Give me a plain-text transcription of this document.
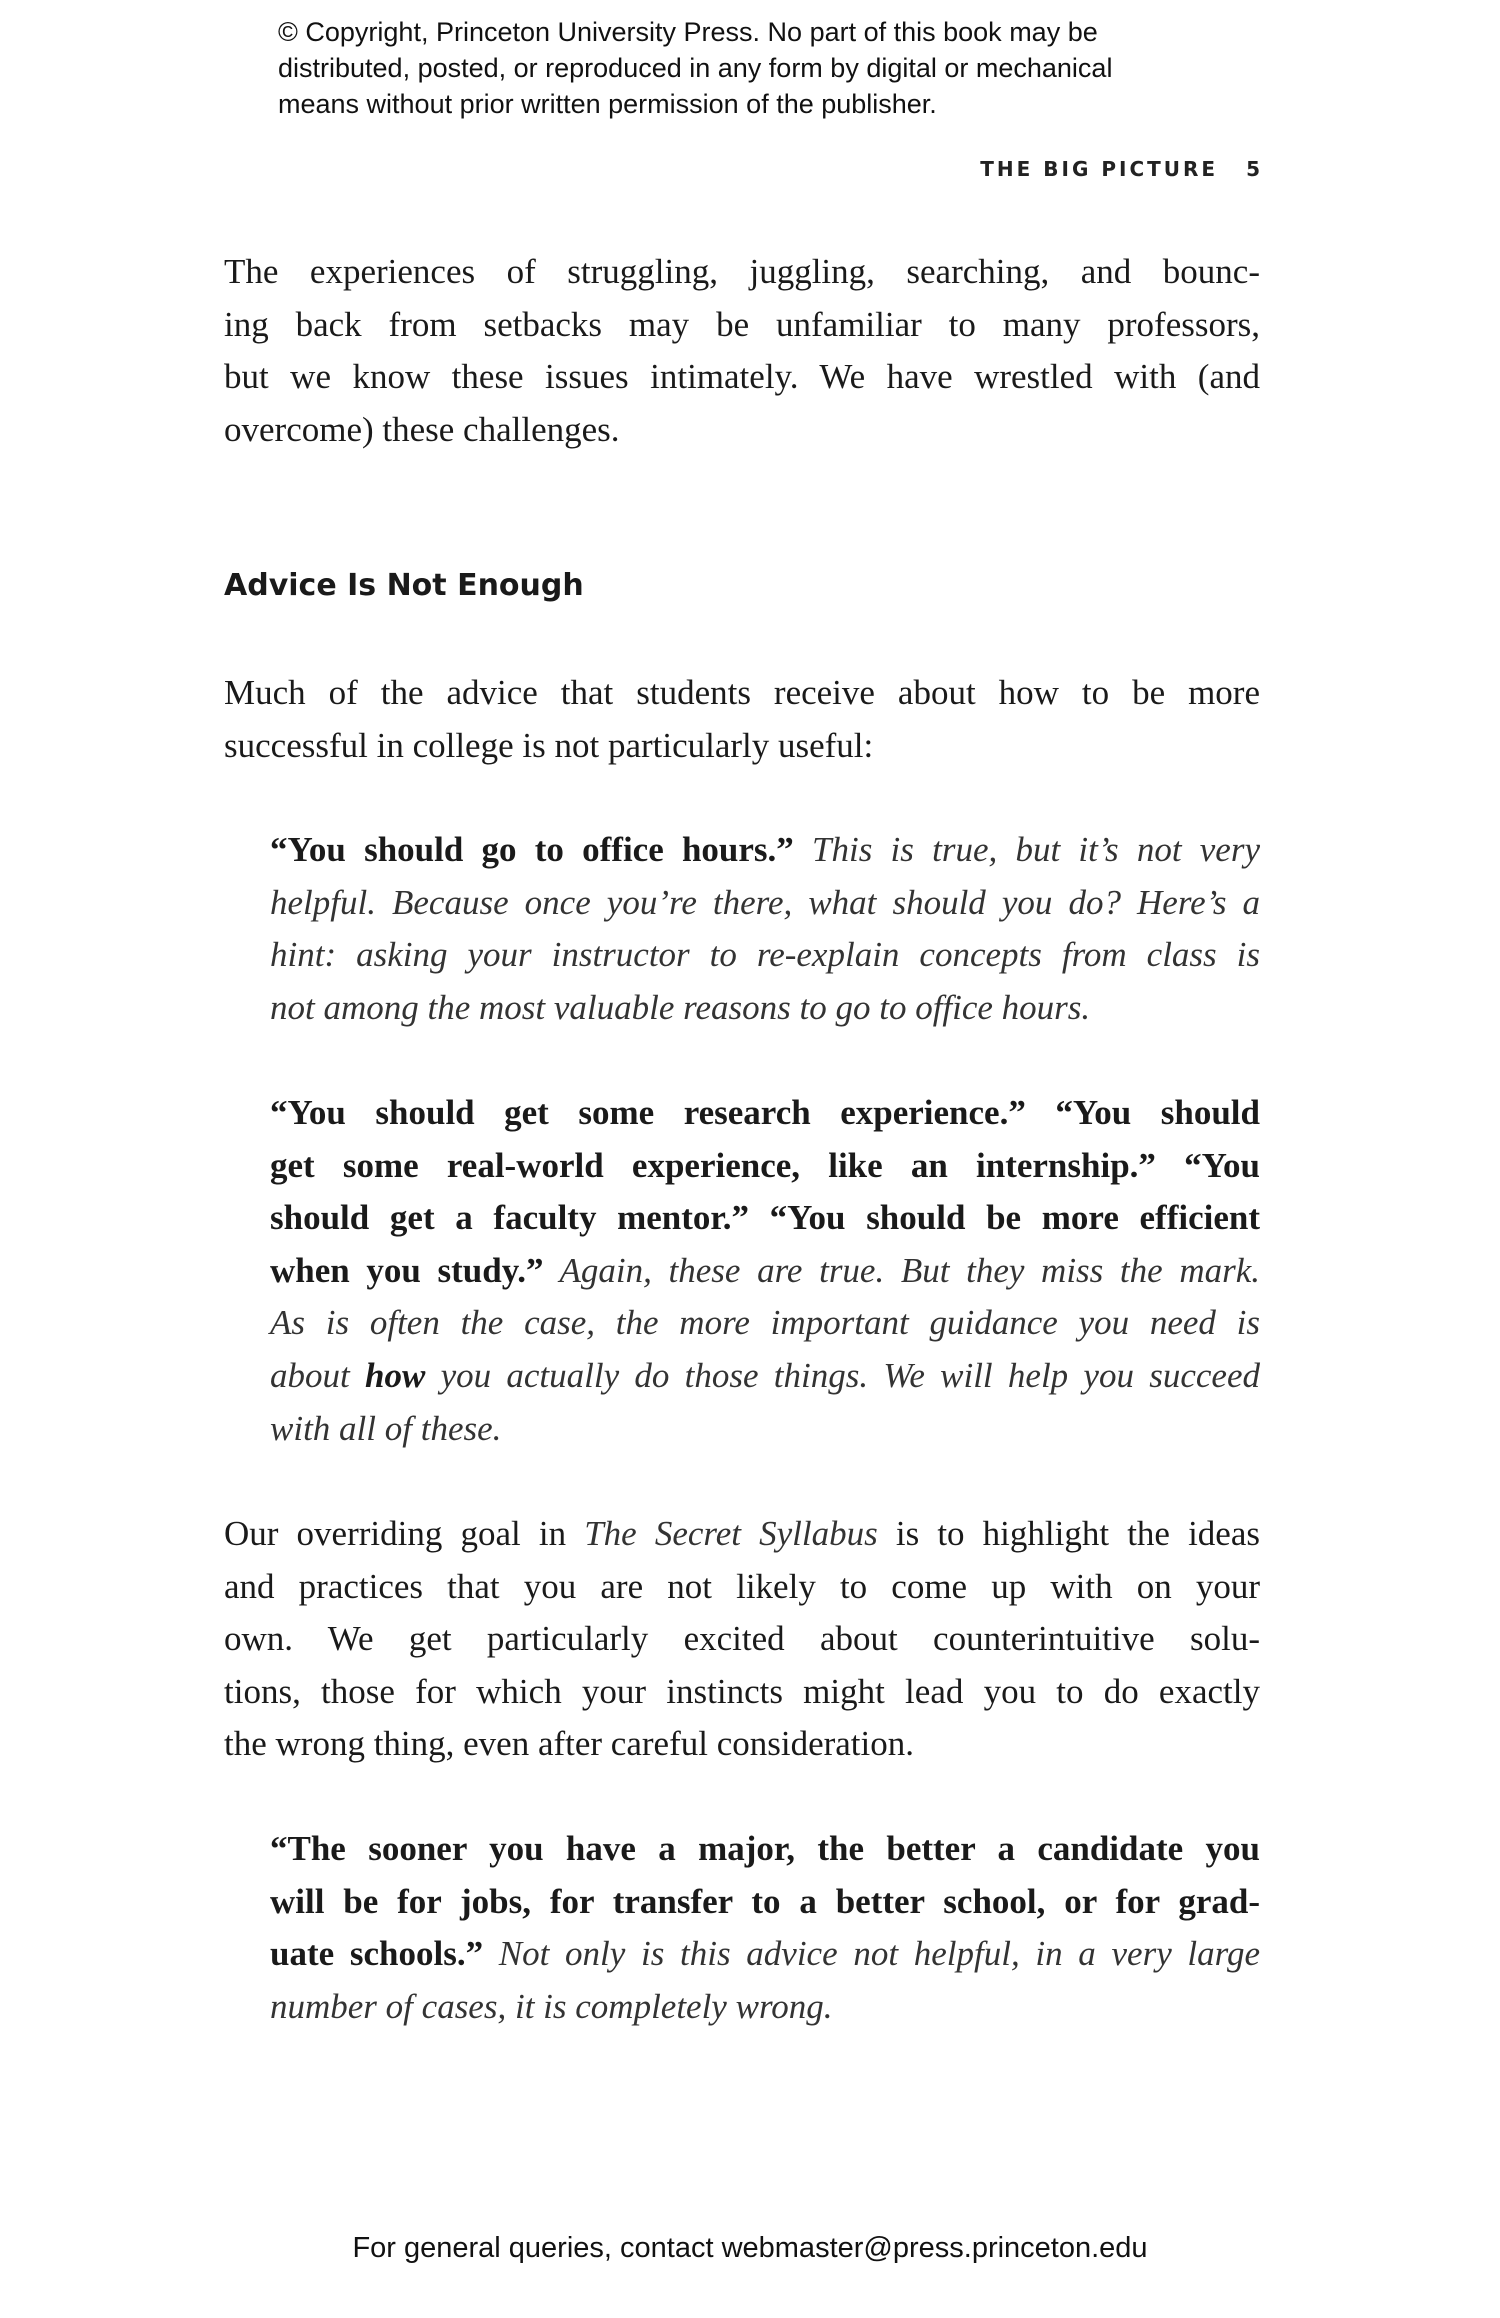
© Copyright, Princeton University Press. No part of this book may be
distributed, posted, or reproduced in any form by digital or mechanical
means without prior written permission of the publisher.
THE BIG PICTURE 5
The experiences of struggling, juggling, searching, and bounc-
ing back from setbacks may be unfamiliar to many professors,
but we know these issues intimately. We have wrestled with (and
overcome) these challenges.
Advice Is Not Enough
Much of the advice that students receive about how to be more
successful in college is not particularly useful:
“You should go to office hours.” This is true, but it’s not very
helpful. Because once you’re there, what should you do? Here’s a
hint: asking your instructor to re-explain concepts from class is
not among the most valuable reasons to go to office hours.
“You should get some research experience.” “You should
get some real-world experience, like an internship.” “You
should get a faculty mentor.” “You should be more efficient
when you study.” Again, these are true. But they miss the mark.
As is often the case, the more important guidance you need is
about how you actually do those things. We will help you succeed
with all of these.
Our overriding goal in The Secret Syllabus is to highlight the ideas
and practices that you are not likely to come up with on your
own. We get particularly excited about counterintuitive solu-
tions, those for which your instincts might lead you to do exactly
the wrong thing, even after careful consideration.
“The sooner you have a major, the better a candidate you
will be for jobs, for transfer to a better school, or for grad-
uate schools.” Not only is this advice not helpful, in a very large
number of cases, it is completely wrong.
For general queries, contact webmaster@press.princeton.edu
